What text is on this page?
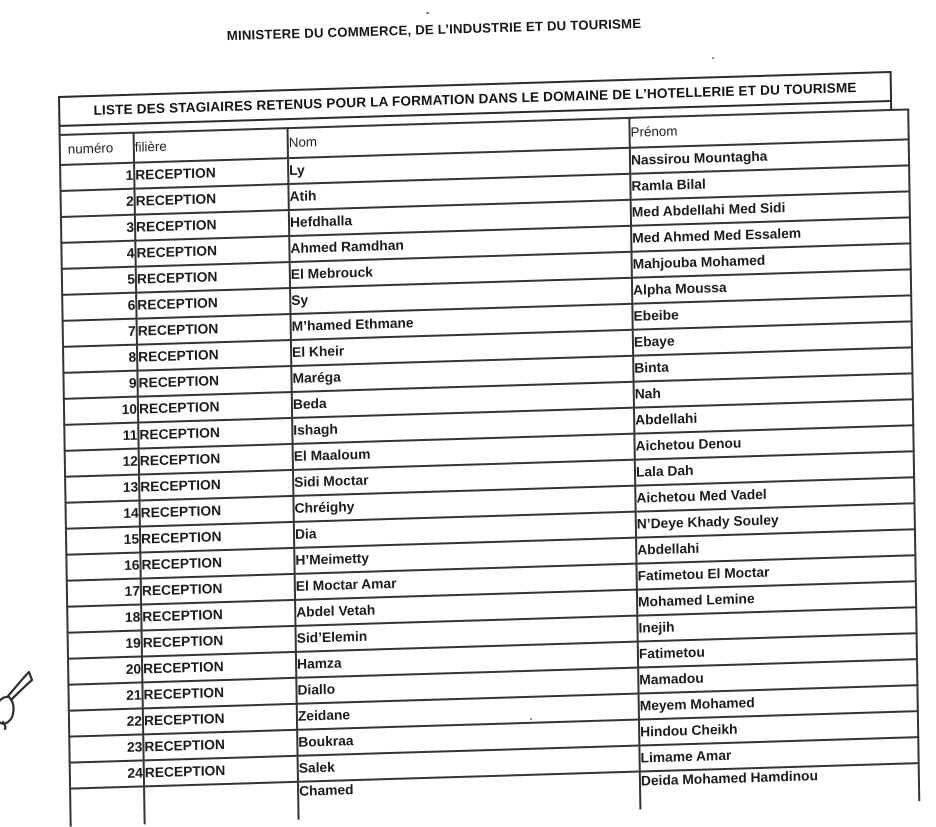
MINISTERE DU COMMERCE, DE L’INDUSTRIE ET DU TOURISME
LISTE DES STAGIAIRES RETENUS POUR LA FORMATION DANS LE DOMAINE DE L’HOTELLERIE ET DU TOURISME
numéro	filière	Nom	Prénom
1	RECEPTION	Ly	Nassirou Mountagha
2	RECEPTION	Atih	Ramla Bilal
3	RECEPTION	Hefdhalla	Med Abdellahi Med Sidi
4	RECEPTION	Ahmed Ramdhan	Med Ahmed Med Essalem
5	RECEPTION	El Mebrouck	Mahjouba Mohamed
6	RECEPTION	Sy	Alpha Moussa
7	RECEPTION	M’hamed Ethmane	Ebeibe
8	RECEPTION	El Kheir	Ebaye
9	RECEPTION	Maréga	Binta
10	RECEPTION	Beda	Nah
11	RECEPTION	Ishagh	Abdellahi
12	RECEPTION	El Maaloum	Aichetou Denou
13	RECEPTION	Sidi Moctar	Lala Dah
14	RECEPTION	Chréighy	Aichetou Med Vadel
15	RECEPTION	Dia	N’Deye Khady Souley
16	RECEPTION	H’Meimetty	Abdellahi
17	RECEPTION	El Moctar Amar	Fatimetou El Moctar
18	RECEPTION	Abdel Vetah	Mohamed Lemine
19	RECEPTION	Sid’Elemin	Inejih
20	RECEPTION	Hamza	Fatimetou
21	RECEPTION	Diallo	Mamadou
22	RECEPTION	Zeidane	Meyem Mohamed
23	RECEPTION	Boukraa	Hindou Cheikh
24	RECEPTION	Salek	Limame Amar
		Chamed	Deida Mohamed Hamdinou
